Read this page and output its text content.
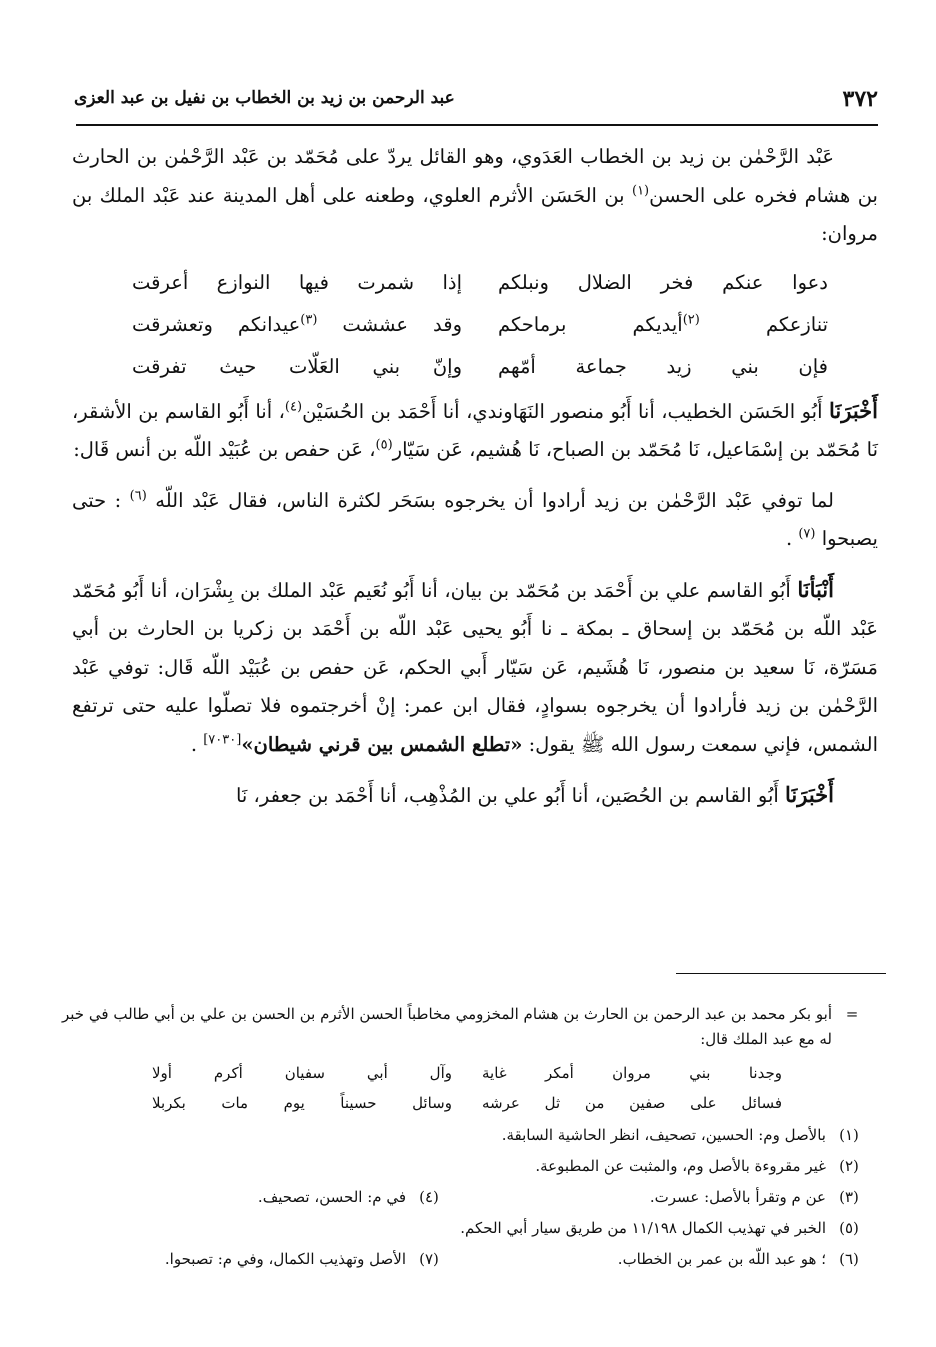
٣٧٢
عبد الرحمن بن زيد بن الخطاب بن نفيل بن عبد العزى

عَبْد الرَّحْمٰن بن زيد بن الخطاب العَدَوي، وهو القائل يردّ على مُحَمّد بن عَبْد الرَّحْمٰن بن الحارث بن هشام فخره على الحسن$^{(١)}$ بن الحَسَن الأثرم العلوي، وطعنه على أهل المدينة عند عَبْد الملك بن مروان:

دعوا عنكم فخر الضلال ونبلكم
إذا شمرت فيها النوازع أعرقت
تنازعكم $^{(٢)}$أيديكم برماحكم
وقد عششت $^{(٣)}$عيدانكم وتعشرقت
فإن بني زيد جماعة أمّهم
وإنّ بني العَلّات حيث تفرقت

أَخْبَرَنَا أَبُو الحَسَن الخطيب، أنا أَبُو منصور النَهَاوندي، أنا أَحْمَد بن الحُسَيْن$^{(٤)}$، أنا أَبُو القاسم بن الأشقر، نَا مُحَمّد بن إسْمَاعيل، نَا مُحَمّد بن الصباح، نَا هُشيم، عَن سَيّار$^{(٥)}$، عَن حفص بن عُبَيْد اللّه بن أنس قَال:

لما توفي عَبْد الرَّحْمٰن بن زيد أرادوا أن يخرجوه بسَحَر لكثرة الناس، فقال عَبْد اللّه $^{(٦)}$ : حتى يصبحوا $^{(٧)}$ .

أَنْبَأنَا أَبُو القاسم علي بن أَحْمَد بن مُحَمّد بن بيان، أنا أَبُو نُعَيم عَبْد الملك بن بِشْرَان، أنا أَبُو مُحَمّد عَبْد اللّه بن مُحَمّد بن إسحاق ـ بمكة ـ نا أَبُو يحيى عَبْد اللّه بن أَحْمَد بن زكريا بن الحارث بن أبي مَسَرّة، نَا سعيد بن منصور، نَا هُشَيم، عَن سَيّار أَبي الحكم، عَن حفص بن عُبَيْد اللّه قَال: توفي عَبْد الرَّحْمٰن بن زيد فأرادوا أن يخرجوه بسوادٍ، فقال ابن عمر: إنْ أخرجتموه فلا تصلّوا عليه حتى ترتفع الشمس، فإني سمعت رسول الله ﷺ يقول: «تطلع الشمس بين قرني شيطان»[٧٠٣٠] .

أَخْبَرَنَا أَبُو القاسم بن الحُصَين، أنا أَبُو علي بن المُذْهِب، أنا أَحْمَد بن جعفر، نَا

=
أبو بكر محمد بن عبد الرحمن بن الحارث بن هشام المخزومي مخاطباً الحسن الأثرم بن الحسن بن علي بن أبي طالب في خبر له مع عبد الملك قال:
وجدنا بني مروان أمكر غاية
وآل أبي سفيان أكرم أولا
فسائل على صفين من ثل عرشه
وسائل حسيناً يوم مات بكربلا
(١)
بالأصل وم: الحسين، تصحيف، انظر الحاشية السابقة.
(٢)
غير مقروءة بالأصل وم، والمثبت عن المطبوعة.
(٣)
عن م وتقرأ بالأصل: عسرت.
(٤)
في م: الحسن، تصحيف.
(٥)
الخبر في تهذيب الكمال ١١/١٩٨ من طريق سيار أبي الحكم.
(٦)
؛

هو عبد اللّه بن عمر بن الخطاب.
(٧)
الأصل وتهذيب الكمال، وفي م: تصبحوا.
